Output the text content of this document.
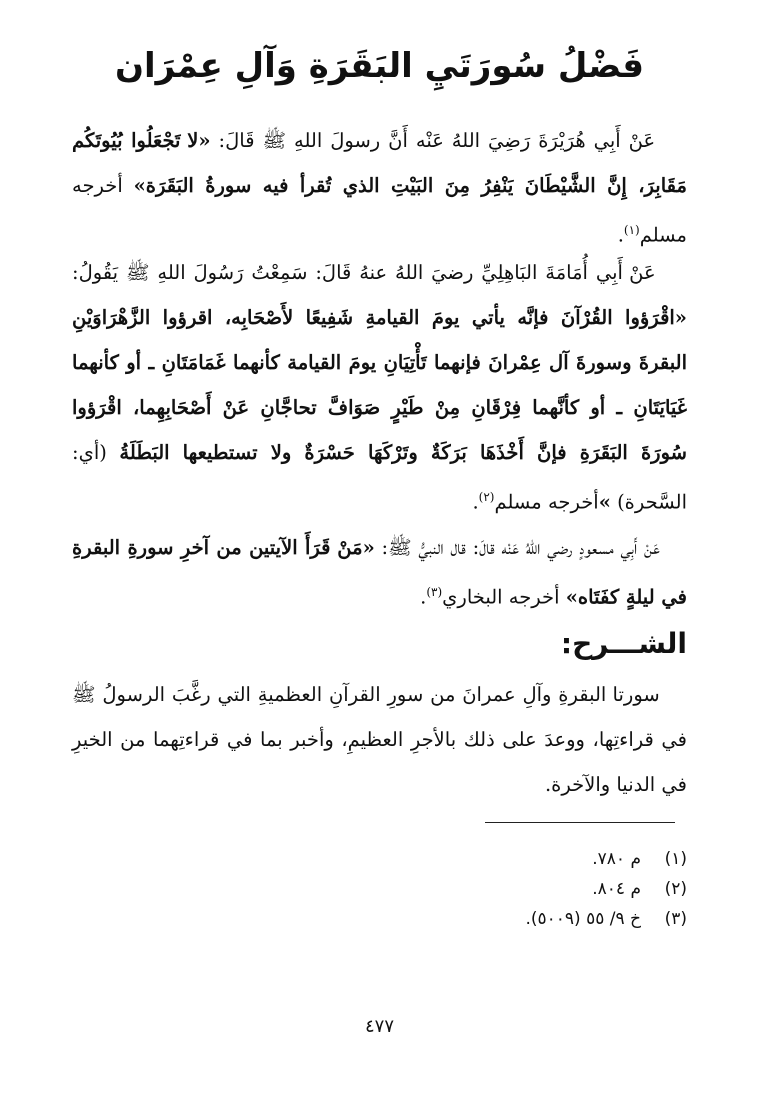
فَضْلُ سُورَتَيِ البَقَرَةِ وَآلِ عِمْرَان
عَنْ أَبِي هُرَيْرَةَ رَضِيَ اللهُ عَنْه أَنَّ رسولَ اللهِ ﷺ قَالَ: «لا تَجْعَلُوا بُيُوتَكُم مَقَابِرَ، إِنَّ الشَّيْطَانَ يَنْفِرُ مِنَ البَيْتِ الذي تُقرأ فيه سورةُ البَقَرَة» أخرجه مسلم$^{(١)}$.
عَنْ أَبِي أُمَامَةَ البَاهِلِيِّ رضيَ اللهُ عنهُ قَالَ: سَمِعْتُ رَسُولَ اللهِ ﷺ يَقُولُ: «اقْرَؤوا القُرْآنَ فإنَّه يأتي يومَ القيامةِ شَفِيعًا لأَصْحَابِه، اقرؤوا الزَّهْرَاوَيْنِ البقرةَ وسورةَ آل عِمْرانَ فإنهما تَأْتِيَانِ يومَ القيامة كأنهما غَمَامَتَانِ ـ أو كأنهما غَيَايَتَانِ ـ أو كأنَّهما فِرْقَانِ مِنْ طَيْرٍ صَوَافَّ تحاجَّانِ عَنْ أَصْحَابِهِما، اقْرَؤوا سُورَةَ البَقَرَةِ فإنَّ أَخْذَهَا بَرَكَةٌ وتَرْكَهَا حَسْرَةٌ ولا تستطيعها البَطَلَةُ (أي: السَّحرة) »أخرجه مسلم$^{(٢)}$.
عَنْ أَبِي مسعودٍ رضي اللهُ عَنْه قالَ: قال النبيُّ ﷺ: «مَنْ قَرَأَ الآيتين من آخرِ سورةِ البقرةِ في ليلةٍ كفَتَاه» أخرجه البخاري$^{(٣)}$.
الشـــرح:
سورتا البقرةِ وآلِ عمرانَ من سورِ القرآنِ العظميةِ التي رغَّبَ الرسولُ ﷺ في قراءتِها، ووعدَ على ذلك بالأجرِ العظيمِ، وأخبر بما في قراءتِهما من الخيرِ في الدنيا والآخرة.
(١)
م ٧٨٠.
(٢)
م ٨٠٤.
(٣)
خ ٩/ ٥٥ (٥٠٠٩).
٤٧٧
